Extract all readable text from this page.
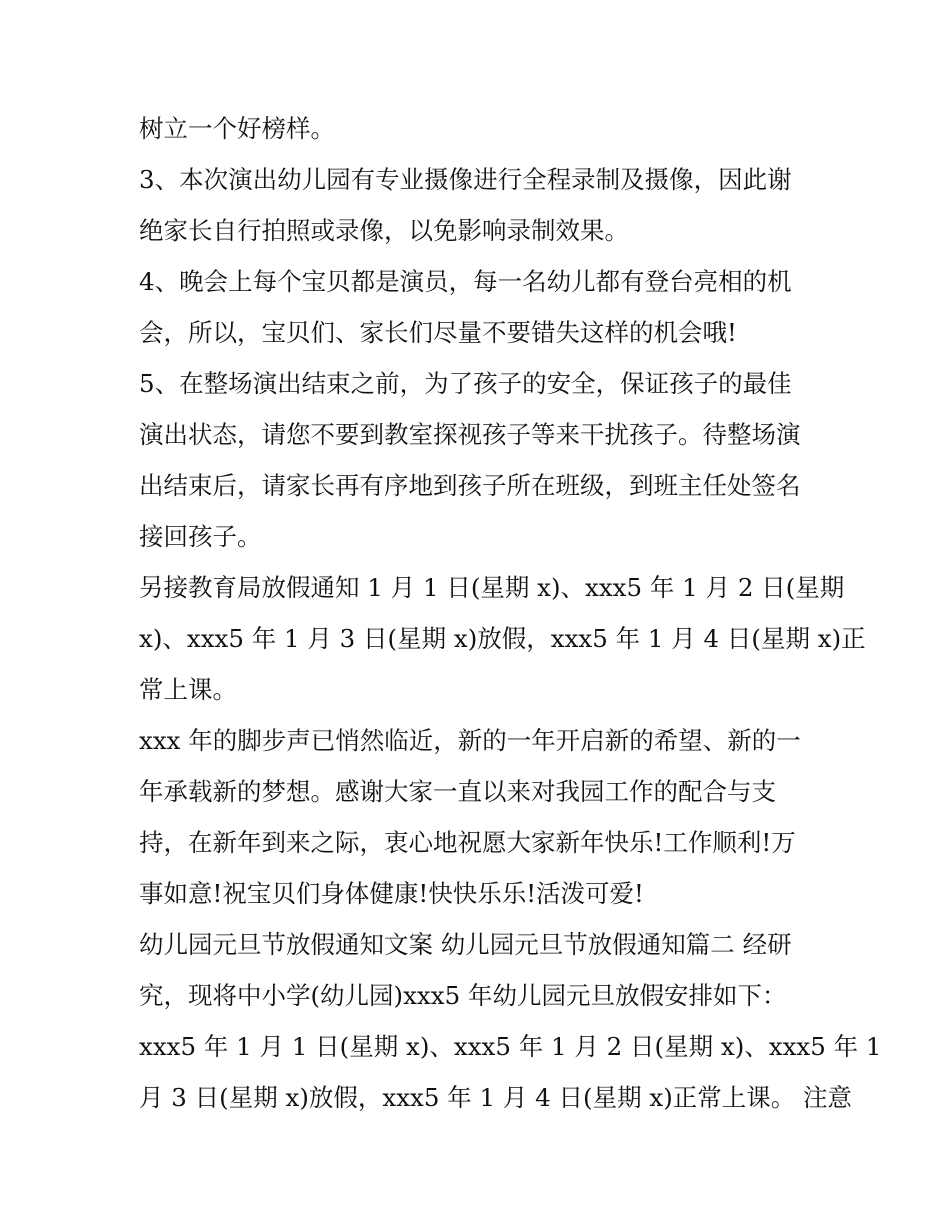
树立一个好榜样。
3、本次演出幼儿园有专业摄像进行全程录制及摄像，因此谢
绝家长自行拍照或录像，以免影响录制效果。
4、晚会上每个宝贝都是演员，每一名幼儿都有登台亮相的机
会，所以，宝贝们、家长们尽量不要错失这样的机会哦!
5、在整场演出结束之前，为了孩子的安全，保证孩子的最佳
演出状态，请您不要到教室探视孩子等来干扰孩子。待整场演
出结束后，请家长再有序地到孩子所在班级，到班主任处签名
接回孩子。
另接教育局放假通知 1 月 1 日(星期 x)、xxx5 年 1 月 2 日(星期
x)、xxx5 年 1 月 3 日(星期 x)放假，xxx5 年 1 月 4 日(星期 x)正
常上课。
xxx 年的脚步声已悄然临近，新的一年开启新的希望、新的一
年承载新的梦想。感谢大家一直以来对我园工作的配合与支
持，在新年到来之际，衷心地祝愿大家新年快乐!工作顺利!万
事如意!祝宝贝们身体健康!快快乐乐!活泼可爱!
幼儿园元旦节放假通知文案 幼儿园元旦节放假通知篇二 经研
究，现将中小学(幼儿园)xxx5 年幼儿园元旦放假安排如下：
xxx5 年 1 月 1 日(星期 x)、xxx5 年 1 月 2 日(星期 x)、xxx5 年 1
月 3 日(星期 x)放假，xxx5 年 1 月 4 日(星期 x)正常上课。 注意
